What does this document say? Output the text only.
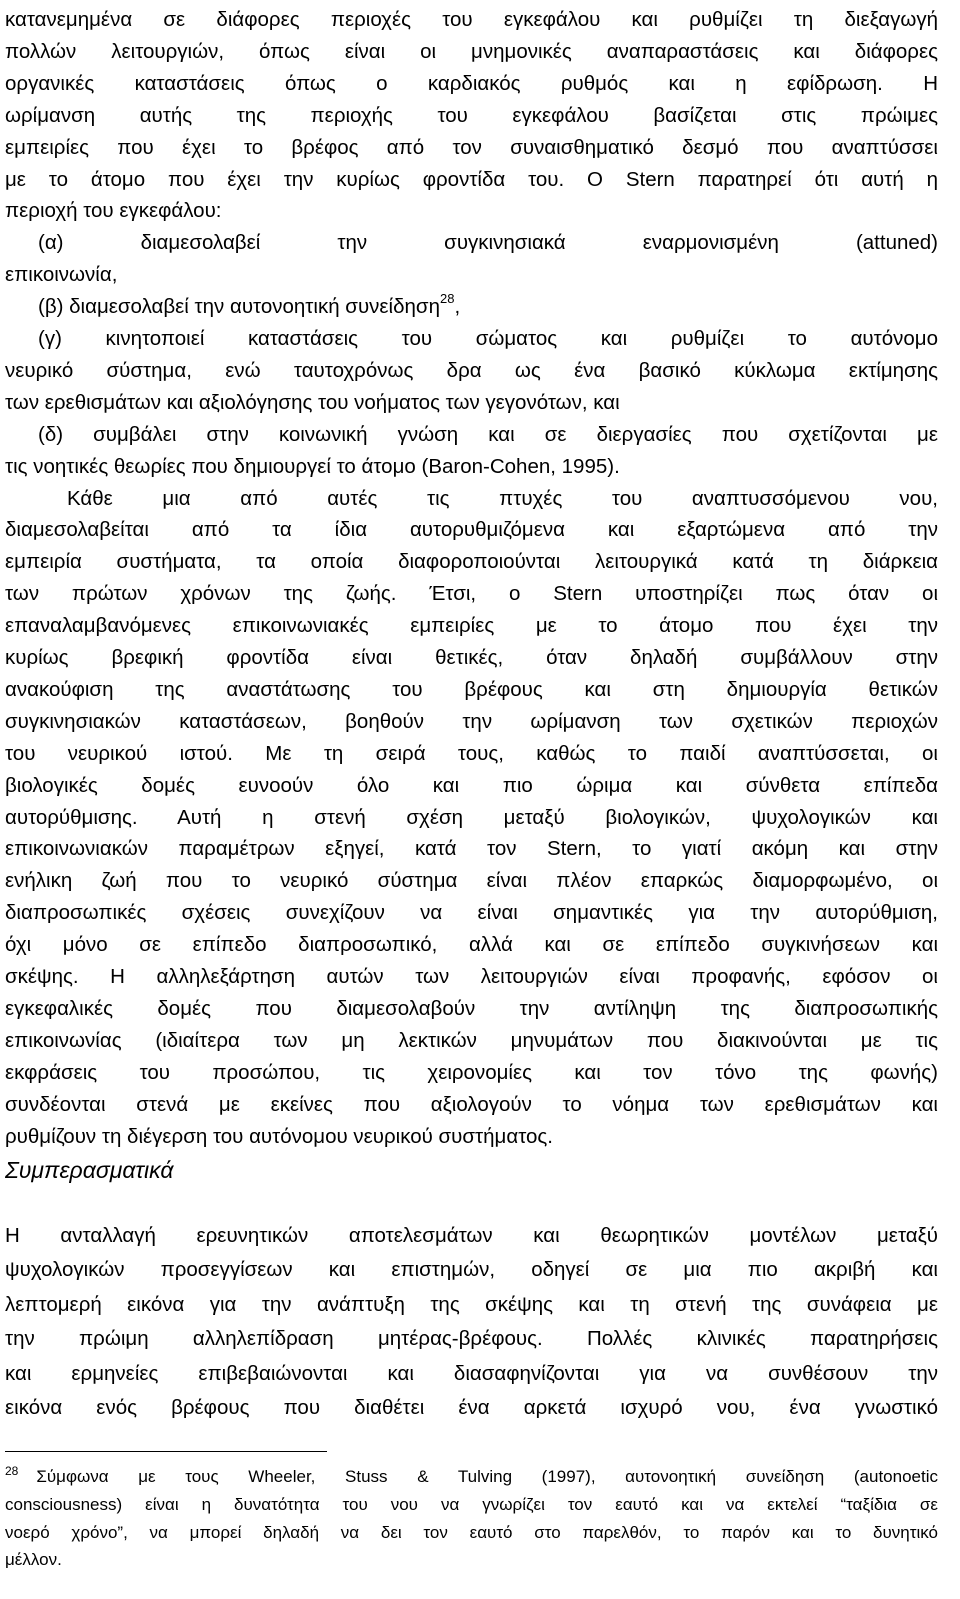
κατανεμημένα σε διάφορες περιοχές του εγκεφάλου και ρυθμίζει τη διεξαγωγή
πολλών λειτουργιών, όπως είναι οι μνημονικές αναπαραστάσεις και διάφορες
οργανικές καταστάσεις όπως ο καρδιακός ρυθμός και η εφίδρωση. Η
ωρίμανση αυτής της περιοχής του εγκεφάλου βασίζεται στις πρώιμες
εμπειρίες που έχει το βρέφος από τον συναισθηματικό δεσμό που αναπτύσσει
με το άτομο που έχει την κυρίως φροντίδα του. Ο Stern παρατηρεί ότι αυτή η
περιοχή του εγκεφάλου:
(α) διαμεσολαβεί την συγκινησιακά εναρμονισμένη (attuned)
επικοινωνία,
(β) διαμεσολαβεί την αυτονοητική συνείδηση$^{28}$,
(γ) κινητοποιεί καταστάσεις του σώματος και ρυθμίζει το αυτόνομο
νευρικό σύστημα, ενώ ταυτοχρόνως δρα ως ένα βασικό κύκλωμα εκτίμησης
των ερεθισμάτων και αξιολόγησης του νοήματος των γεγονότων, και
(δ) συμβάλει στην κοινωνική γνώση και σε διεργασίες που σχετίζονται με
τις νοητικές θεωρίες που δημιουργεί το άτομο (Baron-Cohen, 1995).
Κάθε μια από αυτές τις πτυχές του αναπτυσσόμενου νου,
διαμεσολαβείται από τα ίδια αυτορυθμιζόμενα και εξαρτώμενα από την
εμπειρία συστήματα, τα οποία διαφοροποιούνται λειτουργικά κατά τη διάρκεια
των πρώτων χρόνων της ζωής. Έτσι, ο Stern υποστηρίζει πως όταν οι
επαναλαμβανόμενες επικοινωνιακές εμπειρίες με το άτομο που έχει την
κυρίως βρεφική φροντίδα είναι θετικές, όταν δηλαδή συμβάλλουν στην
ανακούφιση της αναστάτωσης του βρέφους και στη δημιουργία θετικών
συγκινησιακών καταστάσεων, βοηθούν την ωρίμανση των σχετικών περιοχών
του νευρικού ιστού. Με τη σειρά τους, καθώς το παιδί αναπτύσσεται, οι
βιολογικές δομές ευνοούν όλο και πιο ώριμα και σύνθετα επίπεδα
αυτορύθμισης. Αυτή η στενή σχέση μεταξύ βιολογικών, ψυχολογικών και
επικοινωνιακών παραμέτρων εξηγεί, κατά τον Stern, το γιατί ακόμη και στην
ενήλικη ζωή που το νευρικό σύστημα είναι πλέον επαρκώς διαμορφωμένο, οι
διαπροσωπικές σχέσεις συνεχίζουν να είναι σημαντικές για την αυτορύθμιση,
όχι μόνο σε επίπεδο διαπροσωπικό, αλλά και σε επίπεδο συγκινήσεων και
σκέψης. Η αλληλεξάρτηση αυτών των λειτουργιών είναι προφανής, εφόσον οι
εγκεφαλικές δομές που διαμεσολαβούν την αντίληψη της διαπροσωπικής
επικοινωνίας (ιδιαίτερα των μη λεκτικών μηνυμάτων που διακινούνται με τις
εκφράσεις του προσώπου, τις χειρονομίες και τον τόνο της φωνής)
συνδέονται στενά με εκείνες που αξιολογούν το νόημα των ερεθισμάτων και
ρυθμίζουν τη διέγερση του αυτόνομου νευρικού συστήματος.
Συμπερασματικά
Η ανταλλαγή ερευνητικών αποτελεσμάτων και θεωρητικών μοντέλων μεταξύ
ψυχολογικών προσεγγίσεων και επιστημών, οδηγεί σε μια πιο ακριβή και
λεπτομερή εικόνα για την ανάπτυξη της σκέψης και τη στενή της συνάφεια με
την πρώιμη αλληλεπίδραση μητέρας-βρέφους. Πολλές κλινικές παρατηρήσεις
και ερμηνείες επιβεβαιώνονται και διασαφηνίζονται για να συνθέσουν την
εικόνα ενός βρέφους που διαθέτει ένα αρκετά ισχυρό νου, ένα γνωστικό
$^{28}$ Σύμφωνα με τους Wheeler, Stuss & Tulving (1997), αυτονοητική συνείδηση (autonoetic
consciousness) είναι η δυνατότητα του νου να γνωρίζει τον εαυτό και να εκτελεί “ταξίδια σε
νοερό χρόνο”, να μπορεί δηλαδή να δει τον εαυτό στο παρελθόν, το παρόν και το δυνητικό
μέλλον.
